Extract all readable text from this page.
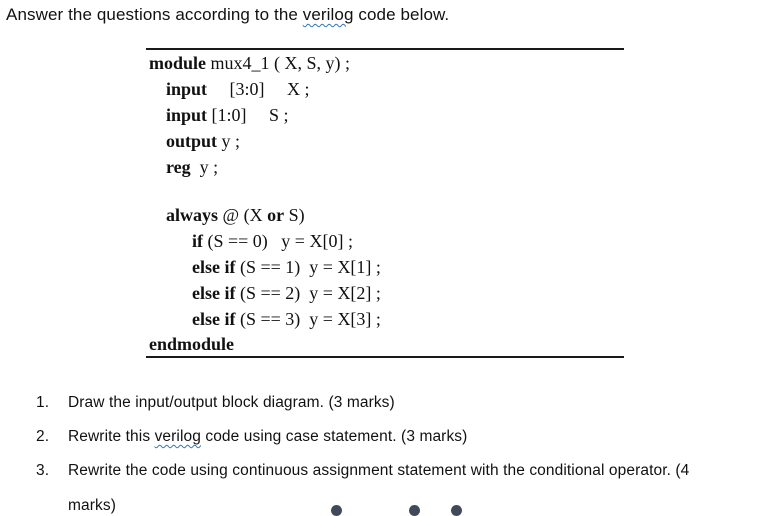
Answer the questions according to the verilog code below.
module mux4_1 ( X, S, y) ;
input     [3:0]     X ;
input [1:0]     S ;
output y ;
reg  y ;
always @ (X or S)
if (S == 0)   y = X[0] ;
else if (S == 1)  y = X[1] ;
else if (S == 2)  y = X[2] ;
else if (S == 3)  y = X[3] ;
endmodule
1. Draw the input/output block diagram. (3 marks)
2. Rewrite this verilog code using case statement. (3 marks)
3. Rewrite the code using continuous assignment statement with the conditional operator. (4
marks)
